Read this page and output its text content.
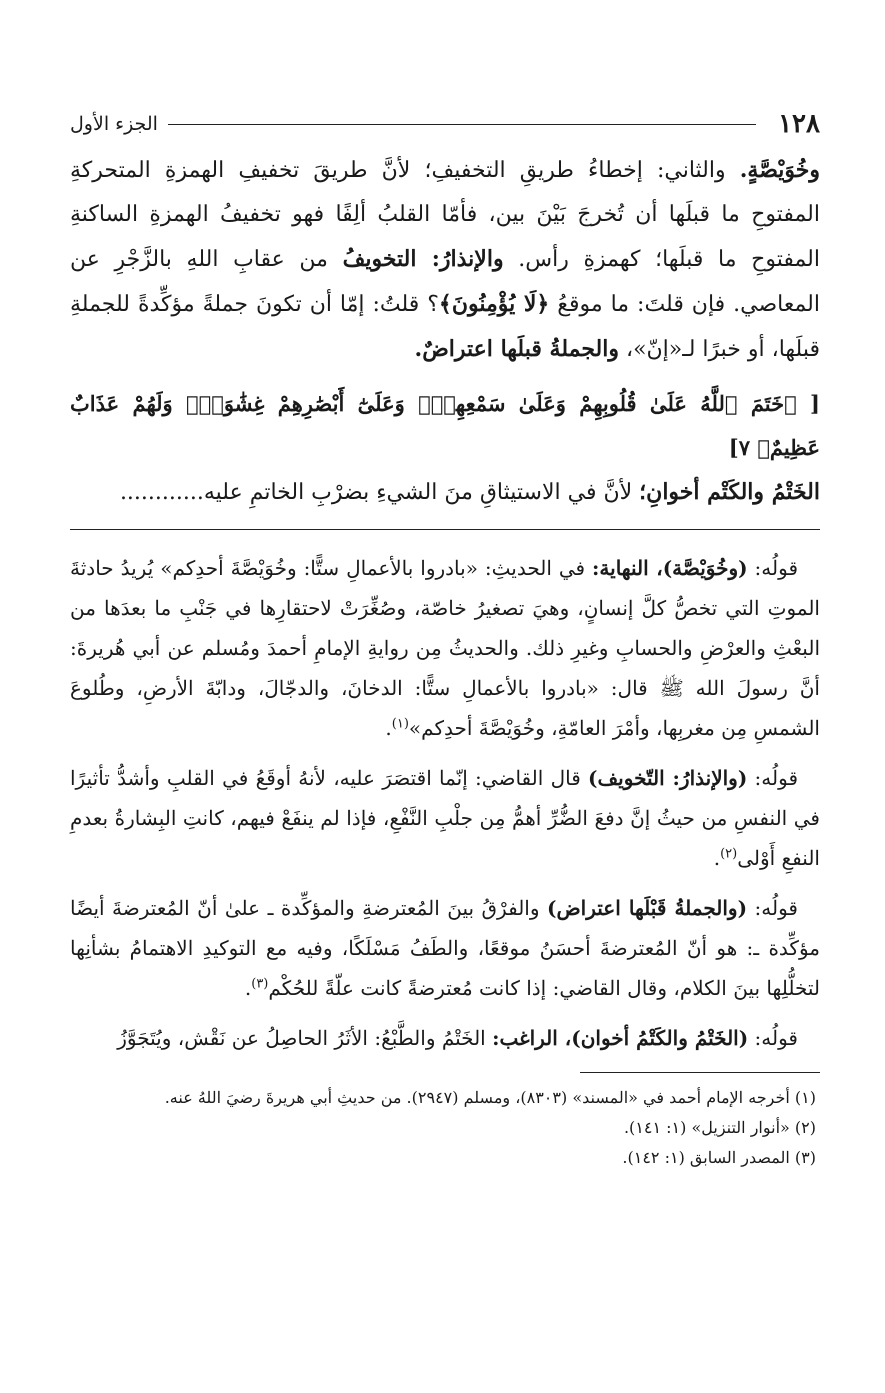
١٢٨
الجزء الأول

وخُوَيْصَّةٍ. والثاني: إخطاءُ طريقِ التخفيفِ؛ لأنَّ طريقَ تخفيفِ الهمزةِ المتحركةِ المفتوحِ ما قبلَها أن تُخرجَ بَيْنَ بين، فأمّا القلبُ ألِفًا فهو تخفيفُ الهمزةِ الساكنةِ المفتوحِ ما قبلَها؛ كهمزةِ رأس. والإنذارُ: التخويفُ من عقابِ اللهِ بالزَّجْرِ عن المعاصي. فإن قلتَ: ما موقعُ ﴿لَا يُؤْمِنُونَ﴾؟ قلتُ: إمّا أن تكونَ جملةً مؤكِّدةً للجملةِ قبلَها، أو خبرًا لـ«إنّ»، والجملةُ قبلَها اعتراضٌ.

[ ﴿خَتَمَ ٱللَّهُ عَلَىٰ قُلُوبِهِمْ وَعَلَىٰ سَمْعِهِمْۖ وَعَلَىٰٓ أَبْصَٰرِهِمْ غِشَٰوَةٌۖ وَلَهُمْ عَذَابٌ عَظِيمٌ﴾ ٧]

الخَتْمُ والكَتْم أخوانِ؛ لأنَّ في الاستيثاقِ منَ الشيءِ بضرْبِ الخاتمِ عليه............

قولُه: (وخُوَيْصَّة)، النهاية: في الحديثِ: «بادروا بالأعمالِ ستًّا: وخُوَيْصَّةَ أحدِكم» يُريدُ حادثةَ الموتِ التي تخصُّ كلَّ إنسانٍ، وهيَ تصغيرُ خاصّة، وصُغِّرَتْ لاحتقارِها في جَنْبِ ما بعدَها من البعْثِ والعرْضِ والحسابِ وغيرِ ذلك. والحديثُ مِن روايةِ الإمامِ أحمدَ ومُسلم عن أبي هُريرةَ: أنَّ رسولَ الله ﷺ قال: «بادروا بالأعمالِ ستًّا: الدخانَ، والدجّالَ، ودابّةَ الأرضِ، وطُلوعَ الشمسِ مِن مغربِها، وأمْرَ العامّةِ، وخُوَيْصَّةَ أحدِكم»$^{(١)}$.

قولُه: (والإنذارُ: التّخويف) قال القاضي: إنّما اقتصَرَ عليه، لأنهُ أوقَعُ في القلبِ وأشدُّ تأثيرًا في النفسِ من حيثُ إنَّ دفعَ الضُّرِّ أهمُّ مِن جلْبِ النَّفْعِ، فإذا لم ينفَعْ فيهم، كانتِ البِشارةُ بعدمِ النفعِ أَوْلى$^{(٢)}$.

قولُه: (والجملةُ قَبْلَها اعتراض) والفرْقُ بينَ المُعترضةِ والمؤكِّدة ـ علىٰ أنّ المُعترضةَ أيضًا مؤكِّدة ـ: هو أنّ المُعترضةَ أحسَنُ موقعًا، والطَفُ مَسْلَكًا، وفيه مع التوكيدِ الاهتمامُ بشأنِها لتخلُّلِها بينَ الكلام، وقال القاضي: إذا كانت مُعترضةً كانت علّةً للحُكْم$^{(٣)}$.

قولُه: (الخَتْمُ والكَتْمُ أخوان)، الراغب: الخَتْمُ والطَّبْعُ: الأثَرُ الحاصِلُ عن نَقْش، ويُتَجَوَّزُ

(١) أخرجه الإمام أحمد في «المسند» (٨٣٠٣)، ومسلم (٢٩٤٧). من حديثِ أبي هريرةَ رضيَ اللهُ عنه.

(٢) «أنوار التنزيل» (١: ١٤١).

(٣) المصدر السابق (١: ١٤٢).
